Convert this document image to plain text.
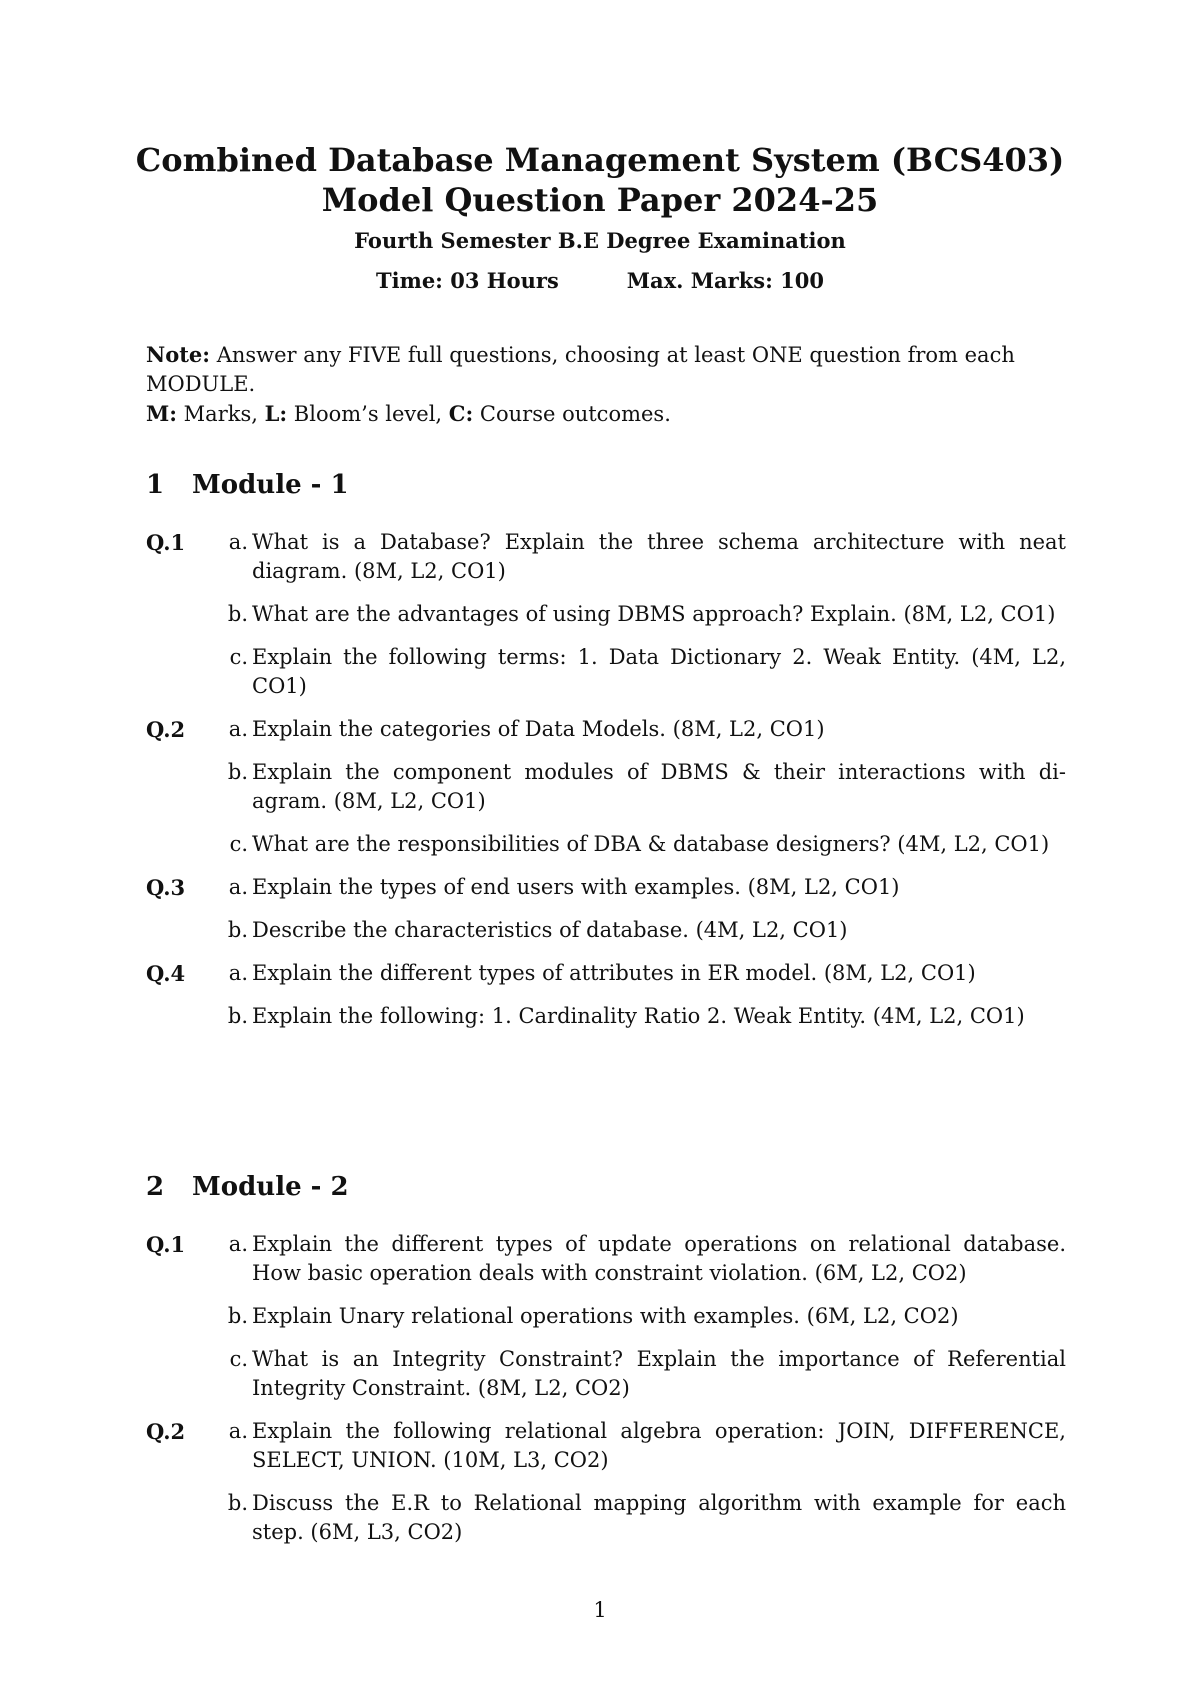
Combined Database Management System (BCS403)
Model Question Paper 2024-25
Fourth Semester B.E Degree Examination
Time: 03 Hours	Max. Marks: 100
Note: Answer any FIVE full questions, choosing at least ONE question from each MODULE.
M: Marks, L: Bloom’s level, C: Course outcomes.
1 Module - 1
Q.1	a. What is a Database? Explain the three schema architecture with neat diagram. (8M, L2, CO1)
b. What are the advantages of using DBMS approach? Explain. (8M, L2, CO1)
c. Explain the following terms: 1. Data Dictionary 2. Weak Entity. (4M, L2, CO1)
Q.2	a. Explain the categories of Data Models. (8M, L2, CO1)
b. Explain the component modules of DBMS & their interactions with di-agram. (8M, L2, CO1)
c. What are the responsibilities of DBA & database designers? (4M, L2, CO1)
Q.3	a. Explain the types of end users with examples. (8M, L2, CO1)
b. Describe the characteristics of database. (4M, L2, CO1)
Q.4	a. Explain the different types of attributes in ER model. (8M, L2, CO1)
b. Explain the following: 1. Cardinality Ratio 2. Weak Entity. (4M, L2, CO1)
2 Module - 2
Q.1	a. Explain the different types of update operations on relational database. How basic operation deals with constraint violation. (6M, L2, CO2)
b. Explain Unary relational operations with examples. (6M, L2, CO2)
c. What is an Integrity Constraint? Explain the importance of Referential Integrity Constraint. (8M, L2, CO2)
Q.2	a. Explain the following relational algebra operation: JOIN, DIFFERENCE, SELECT, UNION. (10M, L3, CO2)
b. Discuss the E.R to Relational mapping algorithm with example for each step. (6M, L3, CO2)
1
